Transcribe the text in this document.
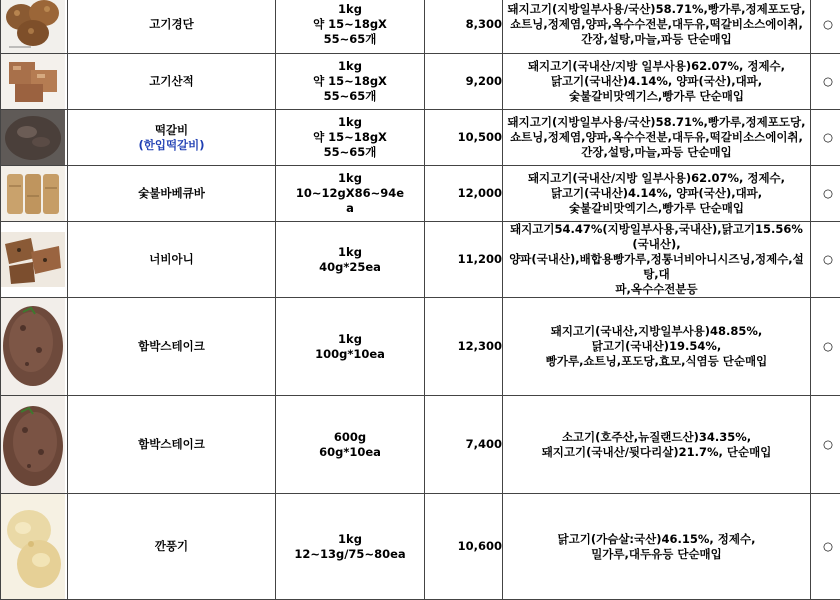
고기경단	1kg
약 15~18gX
55~65개	8,300	돼지고기(지방일부사용/국산)58.71%,빵가루,정제포도당,
쇼트닝,정제염,양파,옥수수전분,대두유,떡갈비소스에이취,
간장,설탕,마늘,파등 단순매입	○

고기산적	1kg
약 15~18gX
55~65개	9,200	돼지고기(국내산/지방 일부사용)62.07%, 정제수,
닭고기(국내산)4.14%, 양파(국산),대파,
숯불갈비맛엑기스,빵가루 단순매입	○

떡갈비
(한입떡갈비)	1kg
약 15~18gX
55~65개	10,500	돼지고기(지방일부사용/국산)58.71%,빵가루,정제포도당,
쇼트닝,정제염,양파,옥수수전분,대두유,떡갈비소스에이취,
간장,설탕,마늘,파등 단순매입	○

숯불바베큐바	1kg
10~12gX86~94e
a	12,000	돼지고기(국내산/지방 일부사용)62.07%, 정제수,
닭고기(국내산)4.14%, 양파(국산),대파,
숯불갈비맛엑기스,빵가루 단순매입	○

너비아니	1kg
40g*25ea	11,200	돼지고기54.47%(지방일부사용,국내산),닭고기15.56%(국내산),
양파(국내산),배합용빵가루,정통너비아니시즈닝,정제수,설탕,대
파,옥수수전분등	○

함박스테이크	1kg
100g*10ea	12,300	돼지고기(국내산,지방일부사용)48.85%,
닭고기(국내산)19.54%,
빵가루,쇼트닝,포도당,효모,식염등 단순매입	○

함박스테이크	600g
60g*10ea	7,400	소고기(호주산,뉴질랜드산)34.35%,
돼지고기(국내산/뒷다리살)21.7%, 단순매입	○

깐풍기	1kg
12~13g/75~80ea	10,600	닭고기(가슴살:국산)46.15%, 정제수,
밀가루,대두유등 단순매입	○
